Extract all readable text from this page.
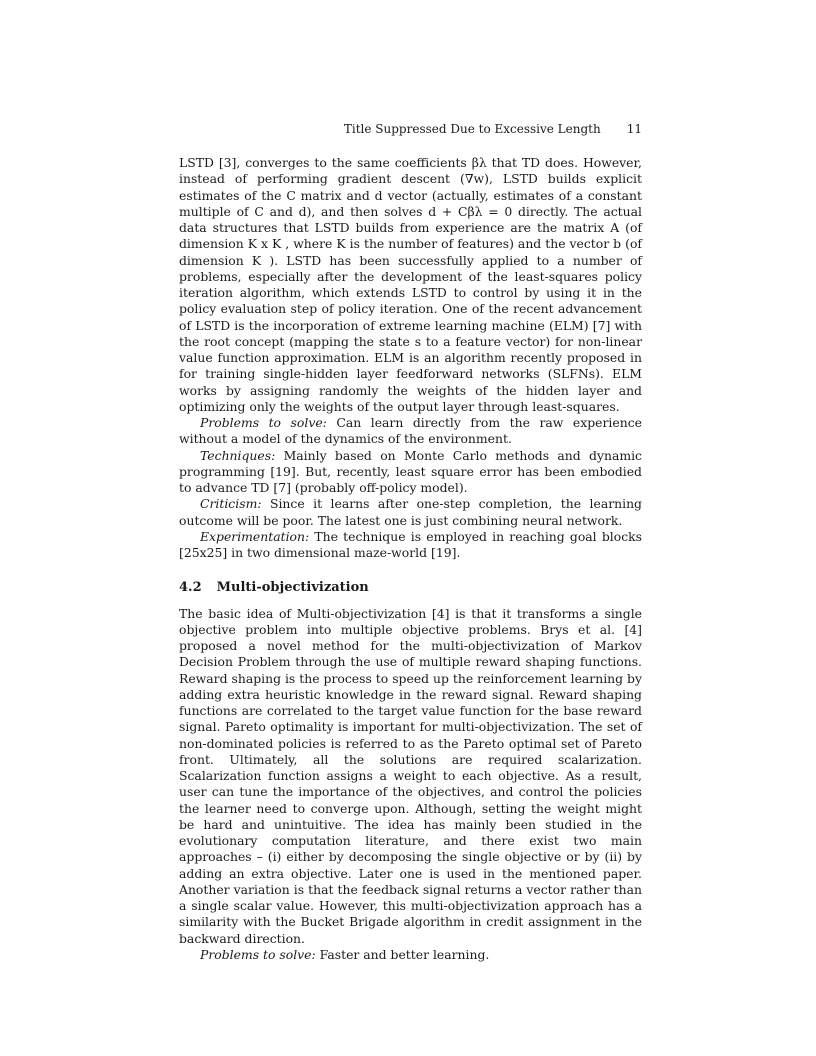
Title Suppressed Due to Excessive Length 11

LSTD [3], converges to the same coefficients βλ that TD does. However, instead of performing gradient descent (∇w), LSTD builds explicit estimates of the C matrix and d vector (actually, estimates of a constant multiple of C and d), and then solves d + Cβλ = 0 directly. The actual data structures that LSTD builds from experience are the matrix A (of dimension K x K , where K is the number of features) and the vector b (of dimension K ). LSTD has been successfully applied to a number of problems, especially after the development of the least-squares policy iteration algorithm, which extends LSTD to control by using it in the policy evaluation step of policy iteration. One of the recent advancement of LSTD is the incorporation of extreme learning machine (ELM) [7] with the root concept (mapping the state s to a feature vector) for non-linear value function approximation. ELM is an algorithm recently proposed in for training single-hidden layer feedforward networks (SLFNs). ELM works by assigning randomly the weights of the hidden layer and optimizing only the weights of the output layer through least-squares.

Problems to solve: Can learn directly from the raw experience without a model of the dynamics of the environment.

Techniques: Mainly based on Monte Carlo methods and dynamic programming [19]. But, recently, least square error has been embodied to advance TD [7] (probably off-policy model).

Criticism: Since it learns after one-step completion, the learning outcome will be poor. The latest one is just combining neural network.

Experimentation: The technique is employed in reaching goal blocks [25x25] in two dimensional maze-world [19].

4.2 Multi-objectivization

The basic idea of Multi-objectivization [4] is that it transforms a single objective problem into multiple objective problems. Brys et al. [4] proposed a novel method for the multi-objectivization of Markov Decision Problem through the use of multiple reward shaping functions. Reward shaping is the process to speed up the reinforcement learning by adding extra heuristic knowledge in the reward signal. Reward shaping functions are correlated to the target value function for the base reward signal. Pareto optimality is important for multi-objectivization. The set of non-dominated policies is referred to as the Pareto optimal set of Pareto front. Ultimately, all the solutions are required scalarization. Scalarization function assigns a weight to each objective. As a result, user can tune the importance of the objectives, and control the policies the learner need to converge upon. Although, setting the weight might be hard and unintuitive. The idea has mainly been studied in the evolutionary computation literature, and there exist two main approaches – (i) either by decomposing the single objective or by (ii) by adding an extra objective. Later one is used in the mentioned paper. Another variation is that the feedback signal returns a vector rather than a single scalar value. However, this multi-objectivization approach has a similarity with the Bucket Brigade algorithm in credit assignment in the backward direction.

Problems to solve: Faster and better learning.
